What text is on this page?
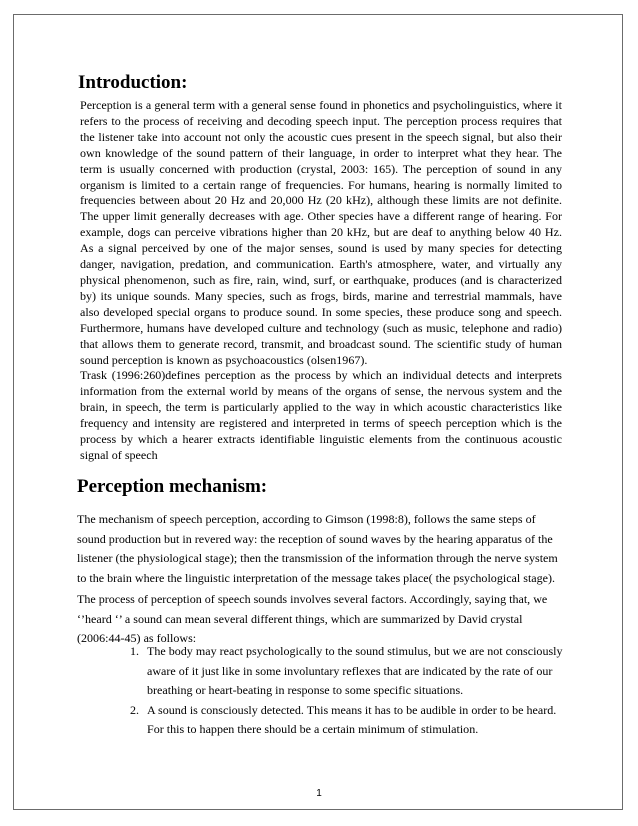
Introduction:

Perception is a general term with a general sense found in phonetics and psycholinguistics, where it refers to the process of receiving and decoding speech input. The perception process requires that the listener take into account not only the acoustic cues present in the speech signal, but also their own knowledge of the sound pattern of their language, in order to interpret what they hear. The term is usually concerned with production (crystal, 2003: 165). The perception of sound in any organism is limited to a certain range of frequencies. For humans, hearing is normally limited to frequencies between about 20 Hz and 20,000 Hz (20 kHz), although these limits are not definite. The upper limit generally decreases with age. Other species have a different range of hearing. For example, dogs can perceive vibrations higher than 20 kHz, but are deaf to anything below 40 Hz. As a signal perceived by one of the major senses, sound is used by many species for detecting danger, navigation, predation, and communication. Earth's atmosphere, water, and virtually any physical phenomenon, such as fire, rain, wind, surf, or earthquake, produces (and is characterized by) its unique sounds. Many species, such as frogs, birds, marine and terrestrial mammals, have also developed special organs to produce sound. In some species, these produce song and speech. Furthermore, humans have developed culture and technology (such as music, telephone and radio) that allows them to generate record, transmit, and broadcast sound. The scientific study of human sound perception is known as psychoacoustics (olsen1967).

Trask (1996:260)defines perception as the process by which an individual detects and interprets information from the external world by means of the organs of sense, the nervous system and the brain, in speech, the term is particularly applied to the way in which acoustic characteristics like frequency and intensity are registered and interpreted in terms of speech perception which is the process by which a hearer extracts identifiable linguistic elements from the continuous acoustic signal of speech

Perception mechanism:
The mechanism of speech perception, according to Gimson (1998:8), follows the same steps of sound production but in revered way: the reception of sound waves by the hearing apparatus of the listener (the physiological stage); then the transmission of the information through the nerve system to the brain where the linguistic interpretation of the message takes place( the psychological stage).
The process of perception of speech sounds involves several factors. Accordingly, saying that, we ‘’heard ‘’ a sound can mean several different things, which are summarized by David crystal (2006:44-45) as follows:
1. The body may react psychologically to the sound stimulus, but we are not consciously aware of it just like in some involuntary reflexes that are indicated by the rate of our breathing or heart-beating in response to some specific situations.
2. A sound is consciously detected. This means it has to be audible in order to be heard. For this to happen there should be a certain minimum of stimulation.
1
